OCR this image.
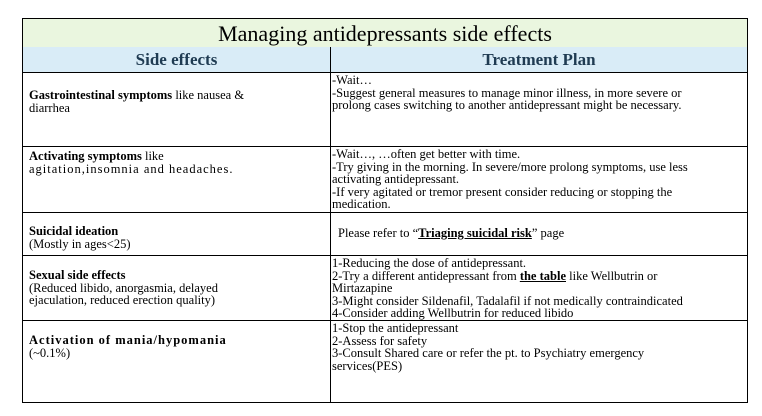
Managing antidepressants side effects
Side effects	Treatment Plan
Gastrointestinal symptoms like nausea &
diarrhea
-Wait…
-Suggest general measures to manage minor illness, in more severe or
prolong cases switching to another antidepressant might be necessary.
Activating symptoms like
agitation,insomnia and headaches.
-Wait…, …often get better with time.
-Try giving in the morning. In severe/more prolong symptoms, use less
activating antidepressant.
-If very agitated or tremor present consider reducing or stopping the
medication.
Suicidal ideation
(Mostly in ages<25)
Please refer to “Triaging suicidal risk” page
Sexual side effects
(Reduced libido, anorgasmia, delayed
ejaculation, reduced erection quality)
1-Reducing the dose of antidepressant.
2-Try a different antidepressant from the table like Wellbutrin or
Mirtazapine
3-Might consider Sildenafil, Tadalafil if not medically contraindicated
4-Consider adding Wellbutrin for reduced libido
Activation of mania/hypomania
(~0.1%)
1-Stop the antidepressant
2-Assess for safety
3-Consult Shared care or refer the pt. to Psychiatry emergency
services(PES)
